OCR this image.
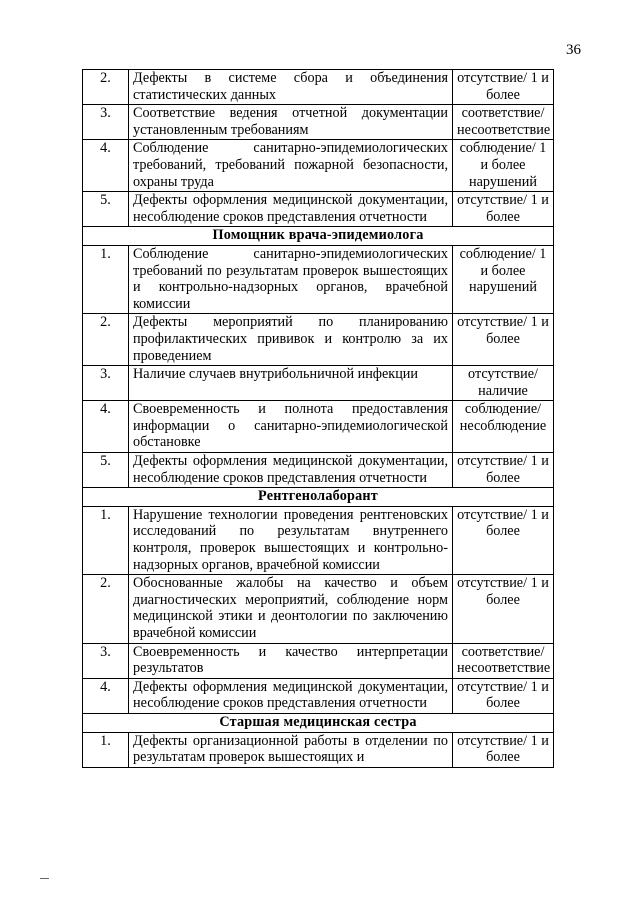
36
2.	Дефекты в системе сбора и объединения статистических данных	отсутствие/ 1 и более
3.	Соответствие ведения отчетной документации установленным требованиям	соответствие/ несоответствие
4.	Соблюдение санитарно-эпидемиологических требований, требований пожарной безопасности, охраны труда	соблюдение/ 1 и более нарушений
5.	Дефекты оформления медицинской документации, несоблюдение сроков представления отчетности	отсутствие/ 1 и более
Помощник врача-эпидемиолога		
1.	Соблюдение санитарно-эпидемиологических требований по результатам проверок вышестоящих и контрольно-надзорных органов, врачебной комиссии	соблюдение/ 1 и более нарушений
2.	Дефекты мероприятий по планированию профилактических прививок и контролю за их проведением	отсутствие/ 1 и более
3.	Наличие случаев внутрибольничной инфекции	отсутствие/ наличие
4.	Своевременность и полнота предоставления информации о санитарно-эпидемиологической обстановке	соблюдение/ несоблюдение
5.	Дефекты оформления медицинской документации, несоблюдение сроков представления отчетности	отсутствие/ 1 и более
Рентгенолаборант		
1.	Нарушение технологии проведения рентгеновских исследований по результатам внутреннего контроля, проверок вышестоящих и контрольно-надзорных органов, врачебной комиссии	отсутствие/ 1 и более
2.	Обоснованные жалобы на качество и объем диагностических мероприятий, соблюдение норм медицинской этики и деонтологии по заключению врачебной комиссии	отсутствие/ 1 и более
3.	Своевременность и качество интерпретации результатов	соответствие/ несоответствие
4.	Дефекты оформления медицинской документации, несоблюдение сроков представления отчетности	отсутствие/ 1 и более
Старшая медицинская сестра		
1.	Дефекты организационной работы в отделении по результатам проверок вышестоящих и	отсутствие/ 1 и более
